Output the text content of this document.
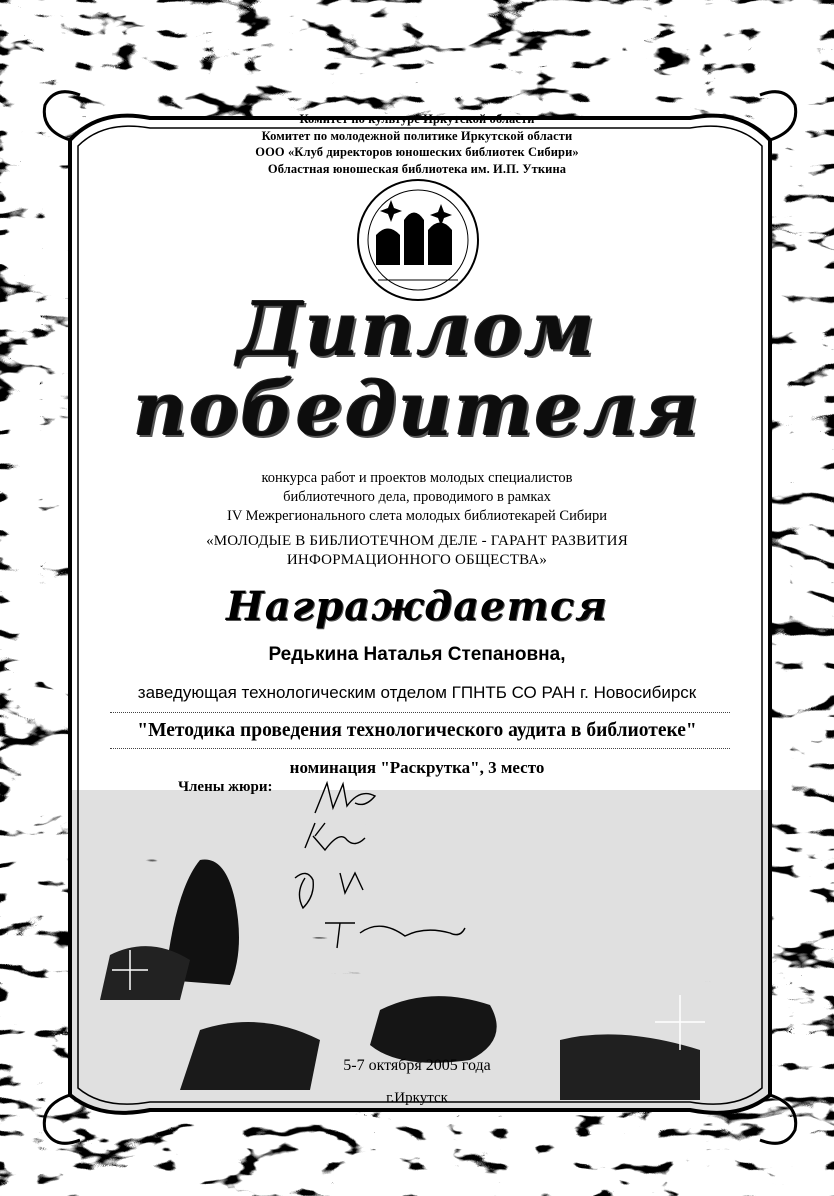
Комитет по культуре Иркутской области
Комитет по молодежной политике Иркутской области
ООО «Клуб директоров юношеских библиотек Сибири»
Областная юношеская библиотека им. И.П. Уткина
Диплом
победителя
конкурса работ и проектов молодых специалистов
библиотечного дела, проводимого в рамках
IV Межрегионального слета молодых библиотекарей Сибири
«МОЛОДЫЕ В БИБЛИОТЕЧНОМ ДЕЛЕ - ГАРАНТ РАЗВИТИЯ
ИНФОРМАЦИОННОГО ОБЩЕСТВА»
Награждается
Редькина Наталья Степановна,
заведующая технологическим отделом ГПНТБ СО РАН г. Новосибирск
"Методика проведения технологического аудита в библиотеке"
номинация "Раскрутка", 3 место
Члены жюри:
5-7 октября 2005 года
г.Иркутск
